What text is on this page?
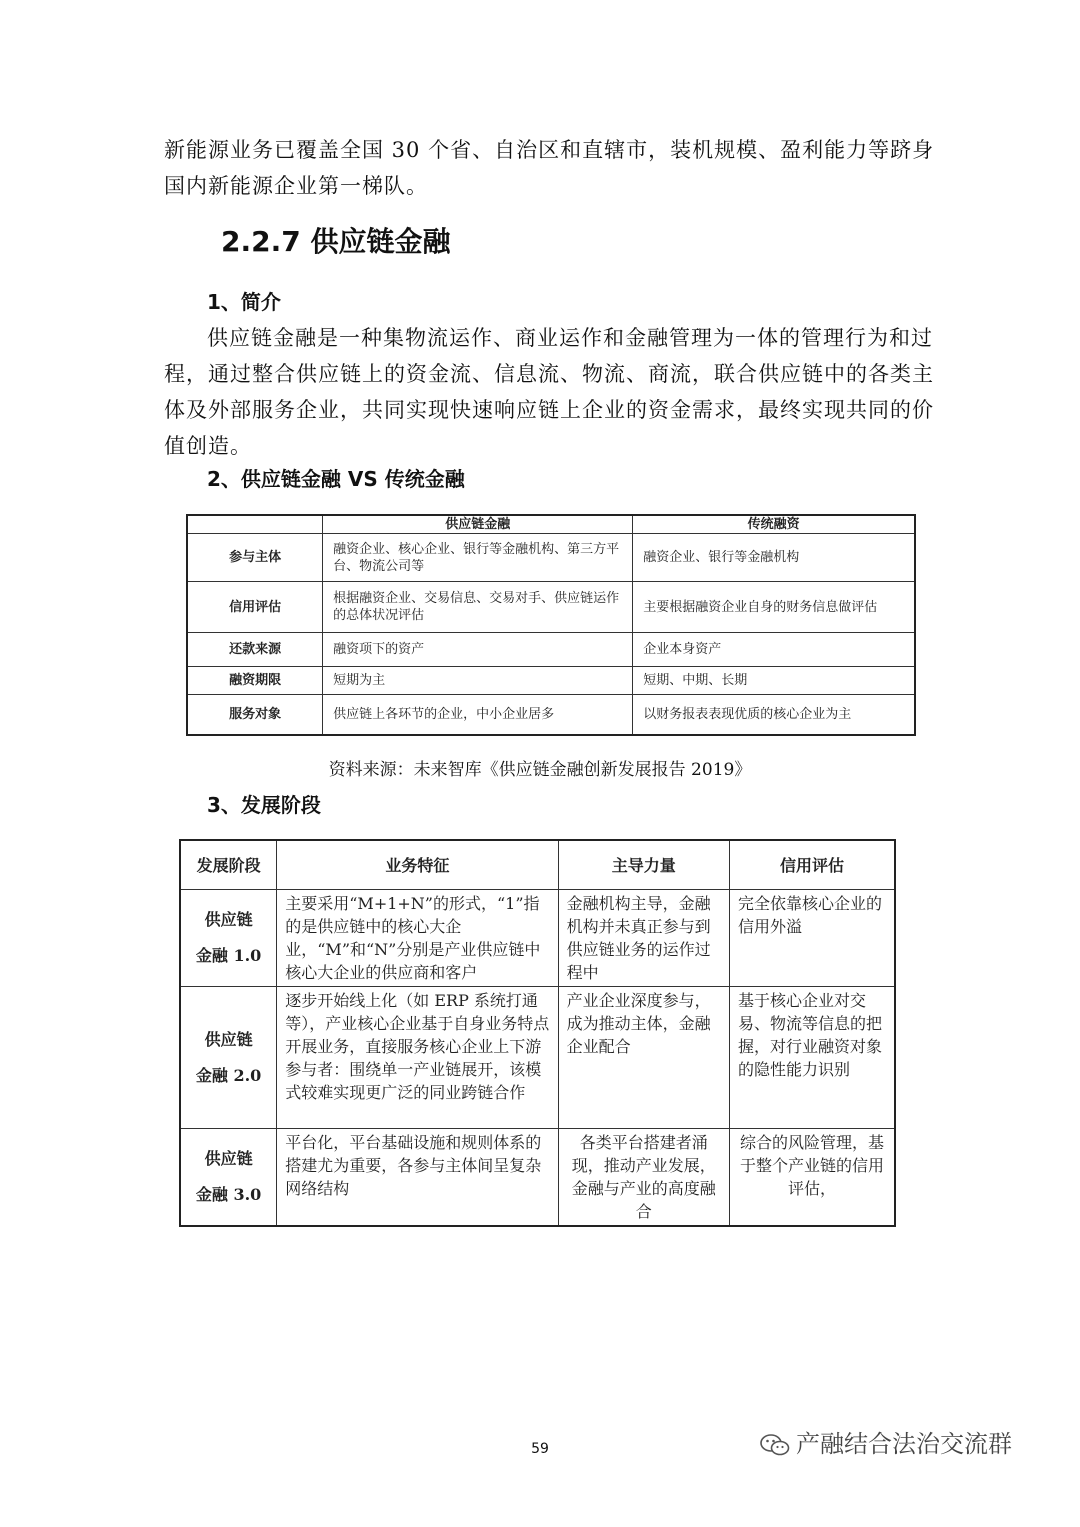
新能源业务已覆盖全国 30 个省、自治区和直辖市，装机规模、盈利能力等跻身
国内新能源企业第一梯队。
2.2.7 供应链金融
1、简介
供应链金融是一种集物流运作、商业运作和金融管理为一体的管理行为和过
程，通过整合供应链上的资金流、信息流、物流、商流，联合供应链中的各类主
体及外部服务企业，共同实现快速响应链上企业的资金需求，最终实现共同的价
值创造。
2、供应链金融 VS 传统金融
	供应链金融	传统融资
参与主体	融资企业、核心企业、银行等金融机构、第三方平台、物流公司等	融资企业、银行等金融机构
信用评估	根据融资企业、交易信息、交易对手、供应链运作的总体状况评估	主要根据融资企业自身的财务信息做评估
还款来源	融资项下的资产	企业本身资产
融资期限	短期为主	短期、中期、长期
服务对象	供应链上各环节的企业，中小企业居多	以财务报表表现优质的核心企业为主
资料来源：未来智库《供应链金融创新发展报告 2019》
3、发展阶段
发展阶段	业务特征	主导力量	信用评估

供应链
金融 1.0	主要采用“M+1+N”的形式，“1”指的是供应链中的核心大企业，“M”和“N”分别是产业供应链中核心大企业的供应商和客户	金融机构主导，金融机构并未真正参与到供应链业务的运作过程中	完全依靠核心企业的信用外溢

供应链
金融 2.0	逐步开始线上化（如 ERP 系统打通等），产业核心企业基于自身业务特点开展业务，直接服务核心企业上下游参与者：围绕单一产业链展开，该模式较难实现更广泛的同业跨链合作	产业企业深度参与，成为推动主体，金融企业配合	基于核心企业对交易、物流等信息的把握，对行业融资对象的隐性能力识别

供应链
金融 3.0	平台化，平台基础设施和规则体系的搭建尤为重要，各参与主体间呈复杂网络结构	各类平台搭建者涌现，推动产业发展，金融与产业的高度融合	综合的风险管理，基于整个产业链的信用评估，
59	产融结合法治交流群
